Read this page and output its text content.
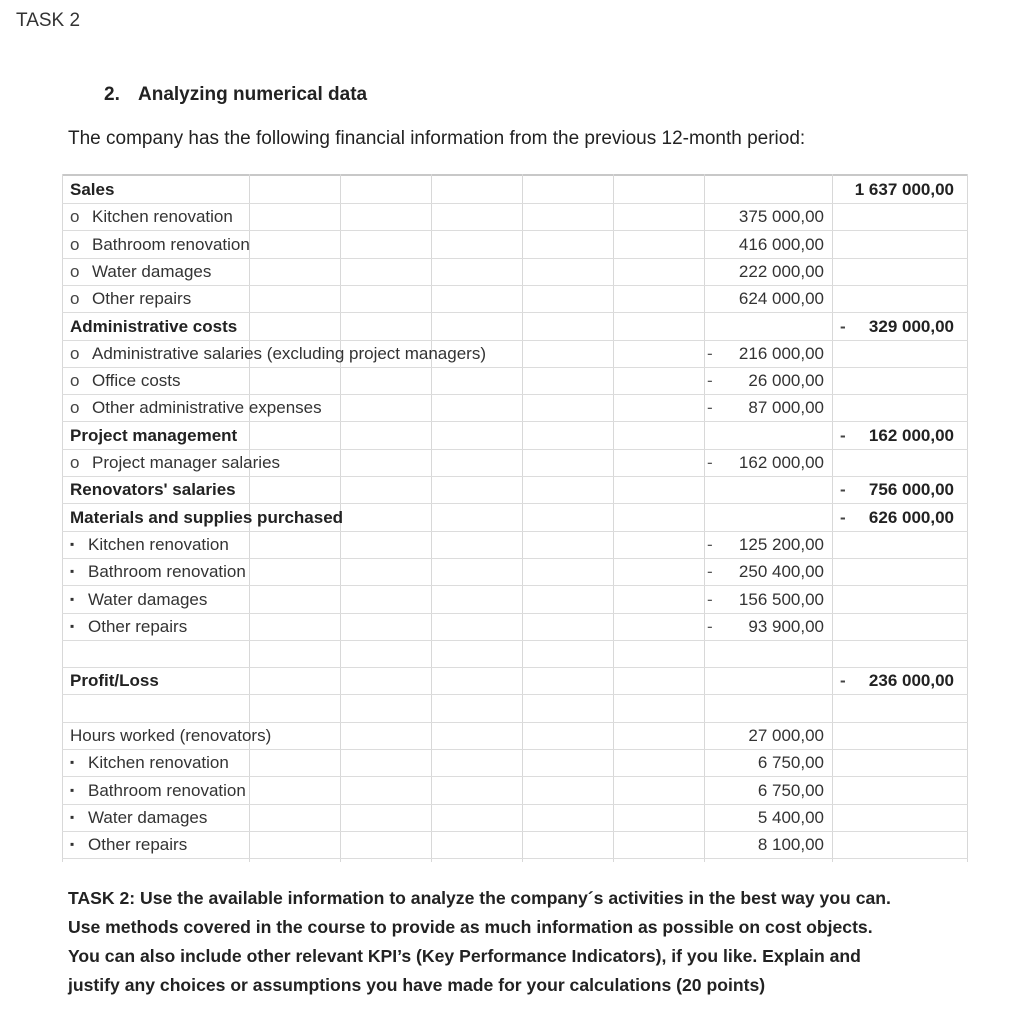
TASK 2
2. Analyzing numerical data
The company has the following financial information from the previous 12-month period:
Sales	1 637 000,00
o Kitchen renovation	375 000,00
o Bathroom renovation	416 000,00
o Water damages	222 000,00
o Other repairs	624 000,00
Administrative costs	- 329 000,00
o Administrative salaries (excluding project managers)	- 216 000,00
o Office costs	- 26 000,00
o Other administrative expenses	- 87 000,00
Project management	- 162 000,00
o Project manager salaries	- 162 000,00
Renovators' salaries	- 756 000,00
Materials and supplies purchased	- 626 000,00
▪ Kitchen renovation	- 125 200,00
▪ Bathroom renovation	- 250 400,00
▪ Water damages	- 156 500,00
▪ Other repairs	- 93 900,00
Profit/Loss	- 236 000,00
Hours worked (renovators)	27 000,00
▪ Kitchen renovation	6 750,00
▪ Bathroom renovation	6 750,00
▪ Water damages	5 400,00
▪ Other repairs	8 100,00
TASK 2: Use the available information to analyze the company´s activities in the best way you can.
Use methods covered in the course to provide as much information as possible on cost objects.
You can also include other relevant KPI’s (Key Performance Indicators), if you like. Explain and
justify any choices or assumptions you have made for your calculations (20 points)
